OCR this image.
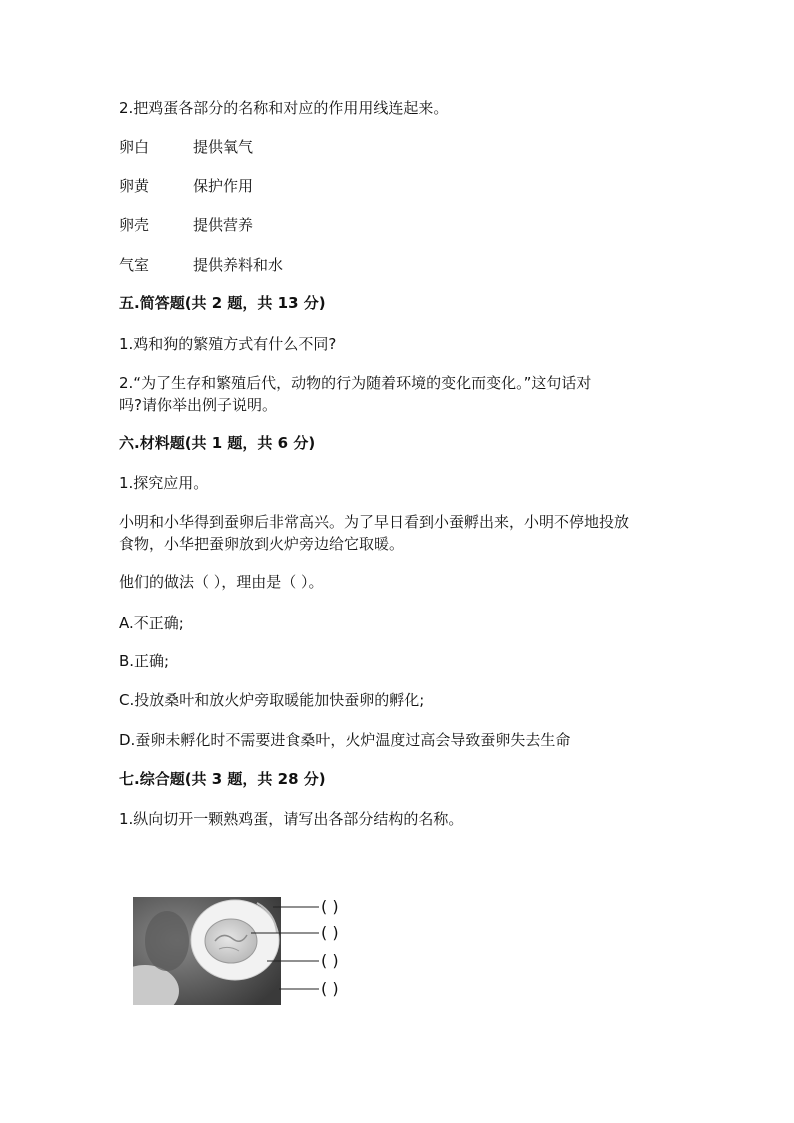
2.把鸡蛋各部分的名称和对应的作用用线连起来。
卵白	提供氧气
卵黄	保护作用
卵壳	提供营养
气室	提供养料和水
五.简答题(共 2 题，共 13 分)
1.鸡和狗的繁殖方式有什么不同?
2.“为了生存和繁殖后代，动物的行为随着环境的变化而变化。”这句话对
吗?请你举出例子说明。
六.材料题(共 1 题，共 6 分)
1.探究应用。
小明和小华得到蚕卵后非常高兴。为了早日看到小蚕孵出来，小明不停地投放
食物，小华把蚕卵放到火炉旁边给它取暖。
他们的做法（ ），理由是（ ）。
A.不正确;
B.正确;
C.投放桑叶和放火炉旁取暖能加快蚕卵的孵化;
D.蚕卵未孵化时不需要进食桑叶，火炉温度过高会导致蚕卵失去生命
七.综合题(共 3 题，共 28 分)
1.纵向切开一颗熟鸡蛋，请写出各部分结构的名称。
( )
( )
( )
( )
